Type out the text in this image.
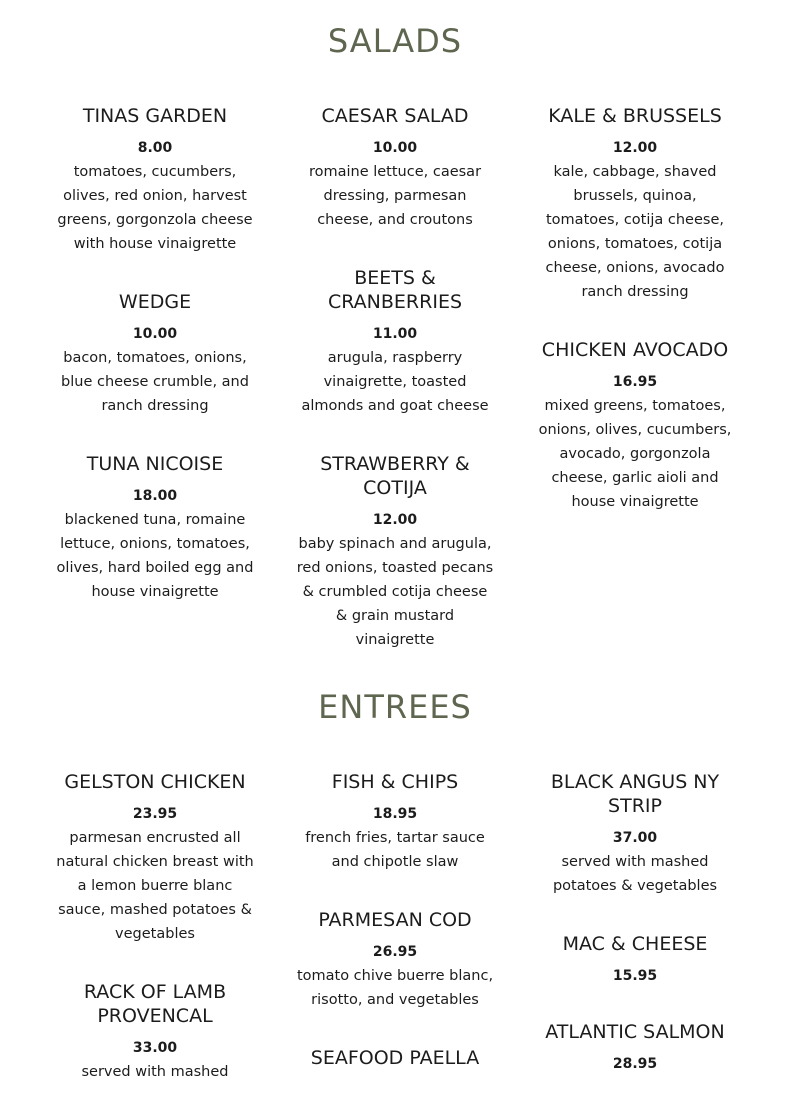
SALADS
TINAS GARDEN
8.00
tomatoes, cucumbers, olives, red onion, harvest greens, gorgonzola cheese with house vinaigrette
WEDGE
10.00
bacon, tomatoes, onions, blue cheese crumble, and ranch dressing
TUNA NICOISE
18.00
blackened tuna, romaine lettuce, onions, tomatoes, olives, hard boiled egg and house vinaigrette
CAESAR SALAD
10.00
romaine lettuce, caesar dressing, parmesan cheese, and croutons
BEETS & CRANBERRIES
11.00
arugula, raspberry vinaigrette, toasted almonds and goat cheese
STRAWBERRY & COTIJA
12.00
baby spinach and arugula, red onions, toasted pecans & crumbled cotija cheese & grain mustard vinaigrette
KALE & BRUSSELS
12.00
kale, cabbage, shaved brussels, quinoa, tomatoes, cotija cheese, onions, tomatoes, cotija cheese, onions, avocado ranch dressing
CHICKEN AVOCADO
16.95
mixed greens, tomatoes, onions, olives, cucumbers, avocado, gorgonzola cheese, garlic aioli and house vinaigrette
ENTREES
GELSTON CHICKEN
23.95
parmesan encrusted all natural chicken breast with a lemon buerre blanc sauce, mashed potatoes & vegetables
RACK OF LAMB PROVENCAL
33.00
served with mashed
FISH & CHIPS
18.95
french fries, tartar sauce and chipotle slaw
PARMESAN COD
26.95
tomato chive buerre blanc, risotto, and vegetables
SEAFOOD PAELLA
BLACK ANGUS NY STRIP
37.00
served with mashed potatoes & vegetables
MAC & CHEESE
15.95
ATLANTIC SALMON
28.95
